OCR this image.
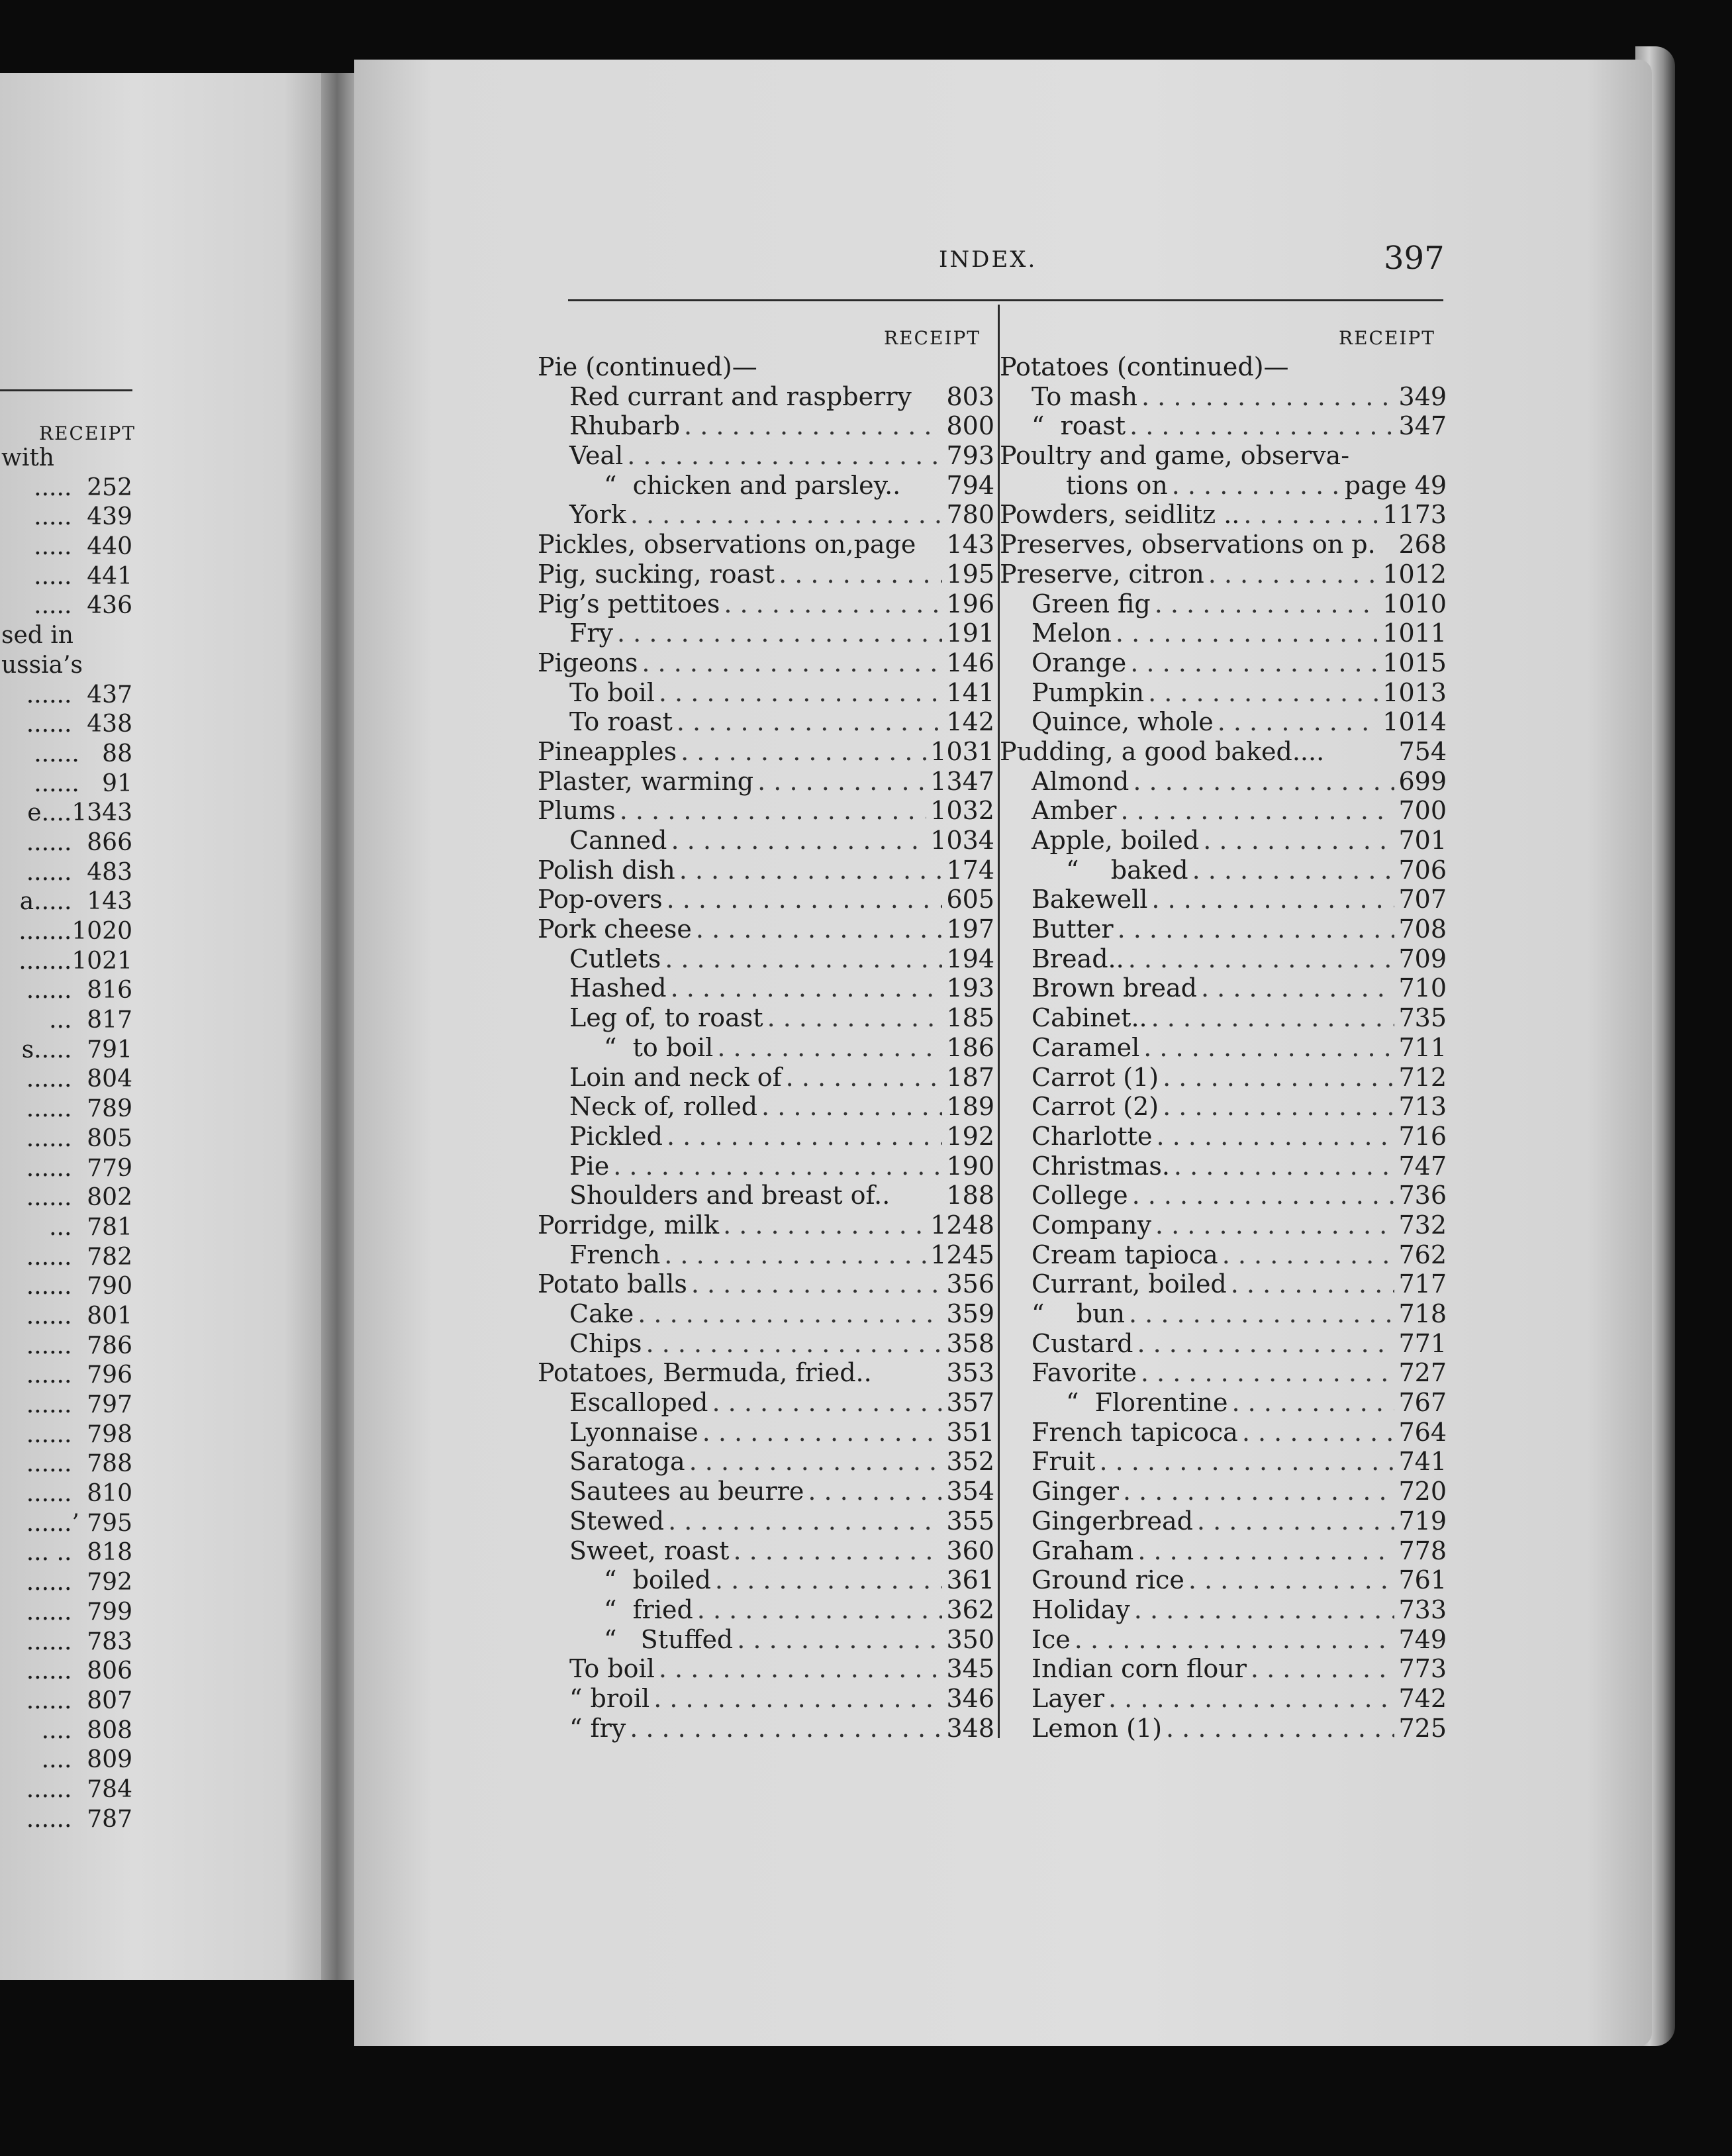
RECEIPT
with
.....  252
.....  439
.....  440
.....  441
.....  436
sed in
ussia’s
......  437
......  438
......   88
......   91
e....1343
......  866
......  483
a.....  143
.......1020
.......1021
......  816
...  817
s.....  791
......  804
......  789
......  805
......  779
......  802
...  781
......  782
......  790
......  801
......  786
......  796
......  797
......  798
......  788
......  810
......’ 795
... ..  818
......  792
......  799
......  783
......  806
......  807
....  808
....  809
......  784
......  787
INDEX.	397
RECEIPT	RECEIPT
Pie (continued)—
Red currant and raspberry 803
Rhubarb . . .	800
Veal . . .	793
“  chicken and parsley.. 794
York . . .	780
Pickles, observations on,page 143
Pig, sucking, roast . . .	195
Pig’s pettitoes . . .	196
Fry . . .	191
Pigeons . . .	146
To boil . . .	141
To roast . . .	142
Pineapples . . .	1031
Plaster, warming . . .	1347
Plums . . .	1032
Canned . . .	1034
Polish dish . . .	174
Pop-overs . . .	605
Pork cheese . . .	197
Cutlets . . .	194
Hashed . . .	193
Leg of, to roast . . .	185
“  to boil . . .	186
Loin and neck of . . .	187
Neck of, rolled . . .	189
Pickled . . .	192
Pie . . .	190
Shoulders and breast of.. 188
Porridge, milk . . .	1248
French . . .	1245
Potato balls . . .	356
Cake . . .	359
Chips . . .	358
Potatoes, Bermuda, fried..	353
Escalloped . . .	357
Lyonnaise . . .	351
Saratoga . . .	352
Sautees au beurre . . .	354
Stewed . . .	355
Sweet, roast . . .	360
“  boiled . . .	361
“  fried . . .	362
“   Stuffed . . .	350
To boil . . .	345
“ broil . . .	346
“ fry . . .	348
Potatoes (continued)—
To mash . . .	349
“  roast . . .	347
Poultry and game, observa-
tions on . . .	page 49
Powders, seidlitz .. . . .	1173
Preserves, observations on p. 268
Preserve, citron . . .	1012
Green fig . . .	1010
Melon . . .	1011
Orange . . .	1015
Pumpkin . . .	1013
Quince, whole . . .	1014
Pudding, a good baked....	754
Almond . . .	699
Amber . . .	700
Apple, boiled . . .	701
“    baked . . .	706
Bakewell . . .	707
Butter . . .	708
Bread.. . . .	709
Brown bread . . .	710
Cabinet.. . . .	735
Caramel . . .	711
Carrot (1) . . .	712
Carrot (2) . . .	713
Charlotte . . .	716
Christmas. . . .	747
College . . .	736
Company . . .	732
Cream tapioca . . .	762
Currant, boiled . . .	717
“    bun . . .	718
Custard . . .	771
Favorite . . .	727
“  Florentine . . .	767
French tapicoca . . .	764
Fruit . . .	741
Ginger . . .	720
Gingerbread . . .	719
Graham . . .	778
Ground rice . . .	761
Holiday . . .	733
Ice . . .	749
Indian corn flour . . .	773
Layer . . .	742
Lemon (1) . . .	725
